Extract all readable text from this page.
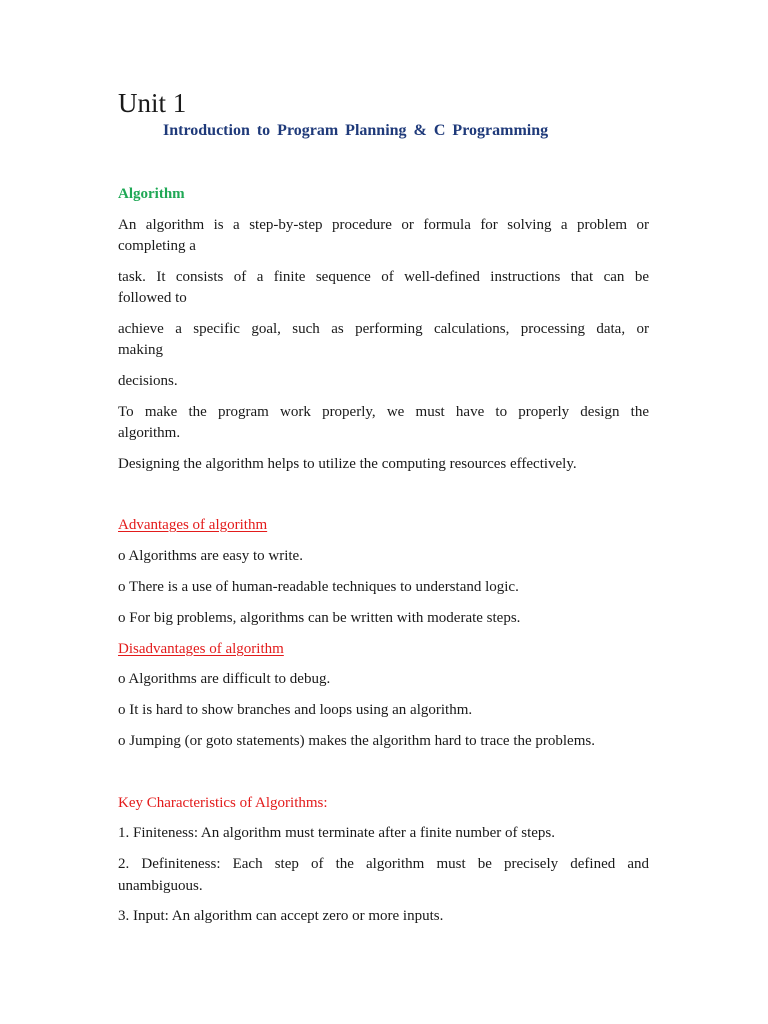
Unit 1

Introduction to Program Planning & C Programming

Algorithm

An algorithm is a step-by-step procedure or formula for solving a problem or

completing a

task. It consists of a finite sequence of well-defined instructions that can be

followed to

achieve a specific goal, such as performing calculations, processing data, or

making

decisions.

To make the program work properly, we must have to properly design the

algorithm.

Designing the algorithm helps to utilize the computing resources effectively.

Advantages of algorithm

o Algorithms are easy to write.

o There is a use of human-readable techniques to understand logic.

o For big problems, algorithms can be written with moderate steps.

Disadvantages of algorithm

o Algorithms are difficult to debug.

o It is hard to show branches and loops using an algorithm.

o Jumping (or goto statements) makes the algorithm hard to trace the problems.

Key Characteristics of Algorithms:

1. Finiteness: An algorithm must terminate after a finite number of steps.

2. Definiteness: Each step of the algorithm must be precisely defined and

unambiguous.

3. Input: An algorithm can accept zero or more inputs.
